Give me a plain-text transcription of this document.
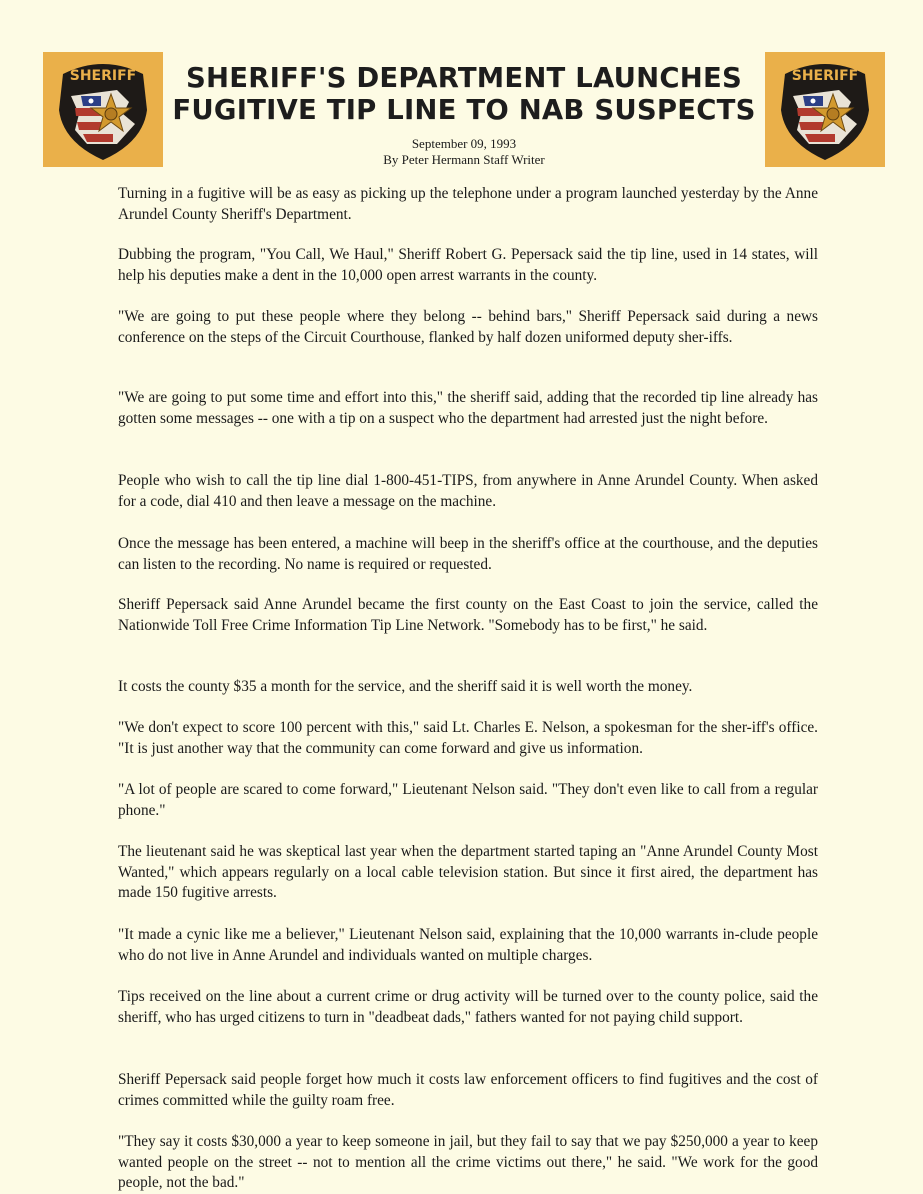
SHERIFF	SHERIFF'S DEPARTMENT LAUNCHES
FUGITIVE TIP LINE TO NAB SUSPECTS
SHERIFF
September 09, 1993
By Peter Hermann Staff Writer

Turning in a fugitive will be as easy as picking up the telephone under a program launched yesterday by the Anne Arundel County Sheriff's Department.

Dubbing the program, "You Call, We Haul," Sheriff Robert G. Pepersack said the tip line, used in 14 states, will help his deputies make a dent in the 10,000 open arrest warrants in the county.

"We are going to put these people where they belong -- behind bars," Sheriff Pepersack said during a news conference on the steps of the Circuit Courthouse, flanked by half dozen uniformed deputy sher-iffs.

"We are going to put some time and effort into this," the sheriff said, adding that the recorded tip line already has gotten some messages -- one with a tip on a suspect who the department had arrested just the night before.

People who wish to call the tip line dial 1-800-451-TIPS, from anywhere in Anne Arundel County. When asked for a code, dial 410 and then leave a message on the machine.

Once the message has been entered, a machine will beep in the sheriff's office at the courthouse, and the deputies can listen to the recording. No name is required or requested.

Sheriff Pepersack said Anne Arundel became the first county on the East Coast to join the service, called the Nationwide Toll Free Crime Information Tip Line Network. "Somebody has to be first," he said.

It costs the county $35 a month for the service, and the sheriff said it is well worth the money.

"We don't expect to score 100 percent with this," said Lt. Charles E. Nelson, a spokesman for the sher-iff's office. "It is just another way that the community can come forward and give us information.

"A lot of people are scared to come forward," Lieutenant Nelson said. "They don't even like to call from a regular phone."

The lieutenant said he was skeptical last year when the department started taping an "Anne Arundel County Most Wanted," which appears regularly on a local cable television station. But since it first aired, the department has made 150 fugitive arrests.

"It made a cynic like me a believer," Lieutenant Nelson said, explaining that the 10,000 warrants in-clude people who do not live in Anne Arundel and individuals wanted on multiple charges.

Tips received on the line about a current crime or drug activity will be turned over to the county police, said the sheriff, who has urged citizens to turn in "deadbeat dads," fathers wanted for not paying child support.

Sheriff Pepersack said people forget how much it costs law enforcement officers to find fugitives and the cost of crimes committed while the guilty roam free.

"They say it costs $30,000 a year to keep someone in jail, but they fail to say that we pay $250,000 a year to keep wanted people on the street -- not to mention all the crime victims out there," he said. "We work for the good people, not the bad."
